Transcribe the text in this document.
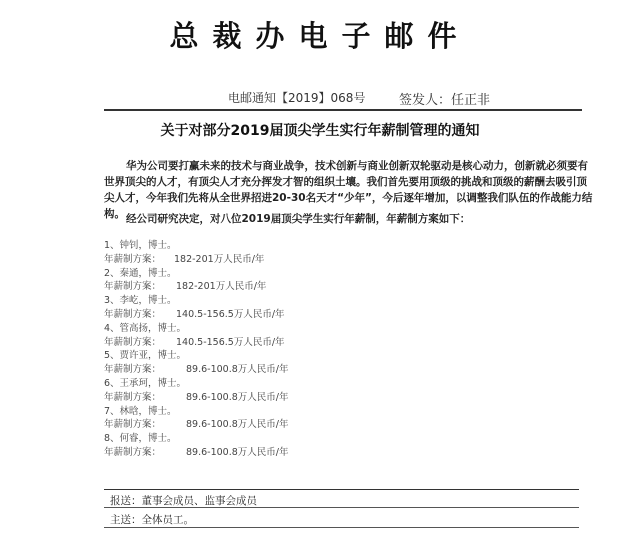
总裁办电子邮件
电邮通知【2019】068号	签发人：任正非
关于对部分2019届顶尖学生实行年薪制管理的通知
华为公司要打赢未来的技术与商业战争，技术创新与商业创新双轮驱动是核心动力，创新就必须要有世界顶尖的人才，有顶尖人才充分挥发才智的组织土壤。我们首先要用顶级的挑战和顶级的薪酬去吸引顶尖人才，今年我们先将从全世界招进20-30名天才“少年”，今后逐年增加，以调整我们队伍的作战能力结构。 经公司研究决定，对八位2019届顶尖学生实行年薪制，年薪制方案如下：
1、钟钊，博士。
年薪制方案： 182-201万人民币/年
2、秦通，博士。
年薪制方案： 182-201万人民币/年
3、李屹，博士。
年薪制方案： 140.5-156.5万人民币/年
4、管高扬，博士。
年薪制方案： 140.5-156.5万人民币/年
5、贾许亚，博士。
年薪制方案：	89.6-100.8万人民币/年
6、王承珂，博士。
年薪制方案：	89.6-100.8万人民币/年
7、林晗，博士。
年薪制方案：	89.6-100.8万人民币/年
8、何睿，博士。
年薪制方案：	89.6-100.8万人民币/年
报送：董事会成员、监事会成员
主送：全体员工。
